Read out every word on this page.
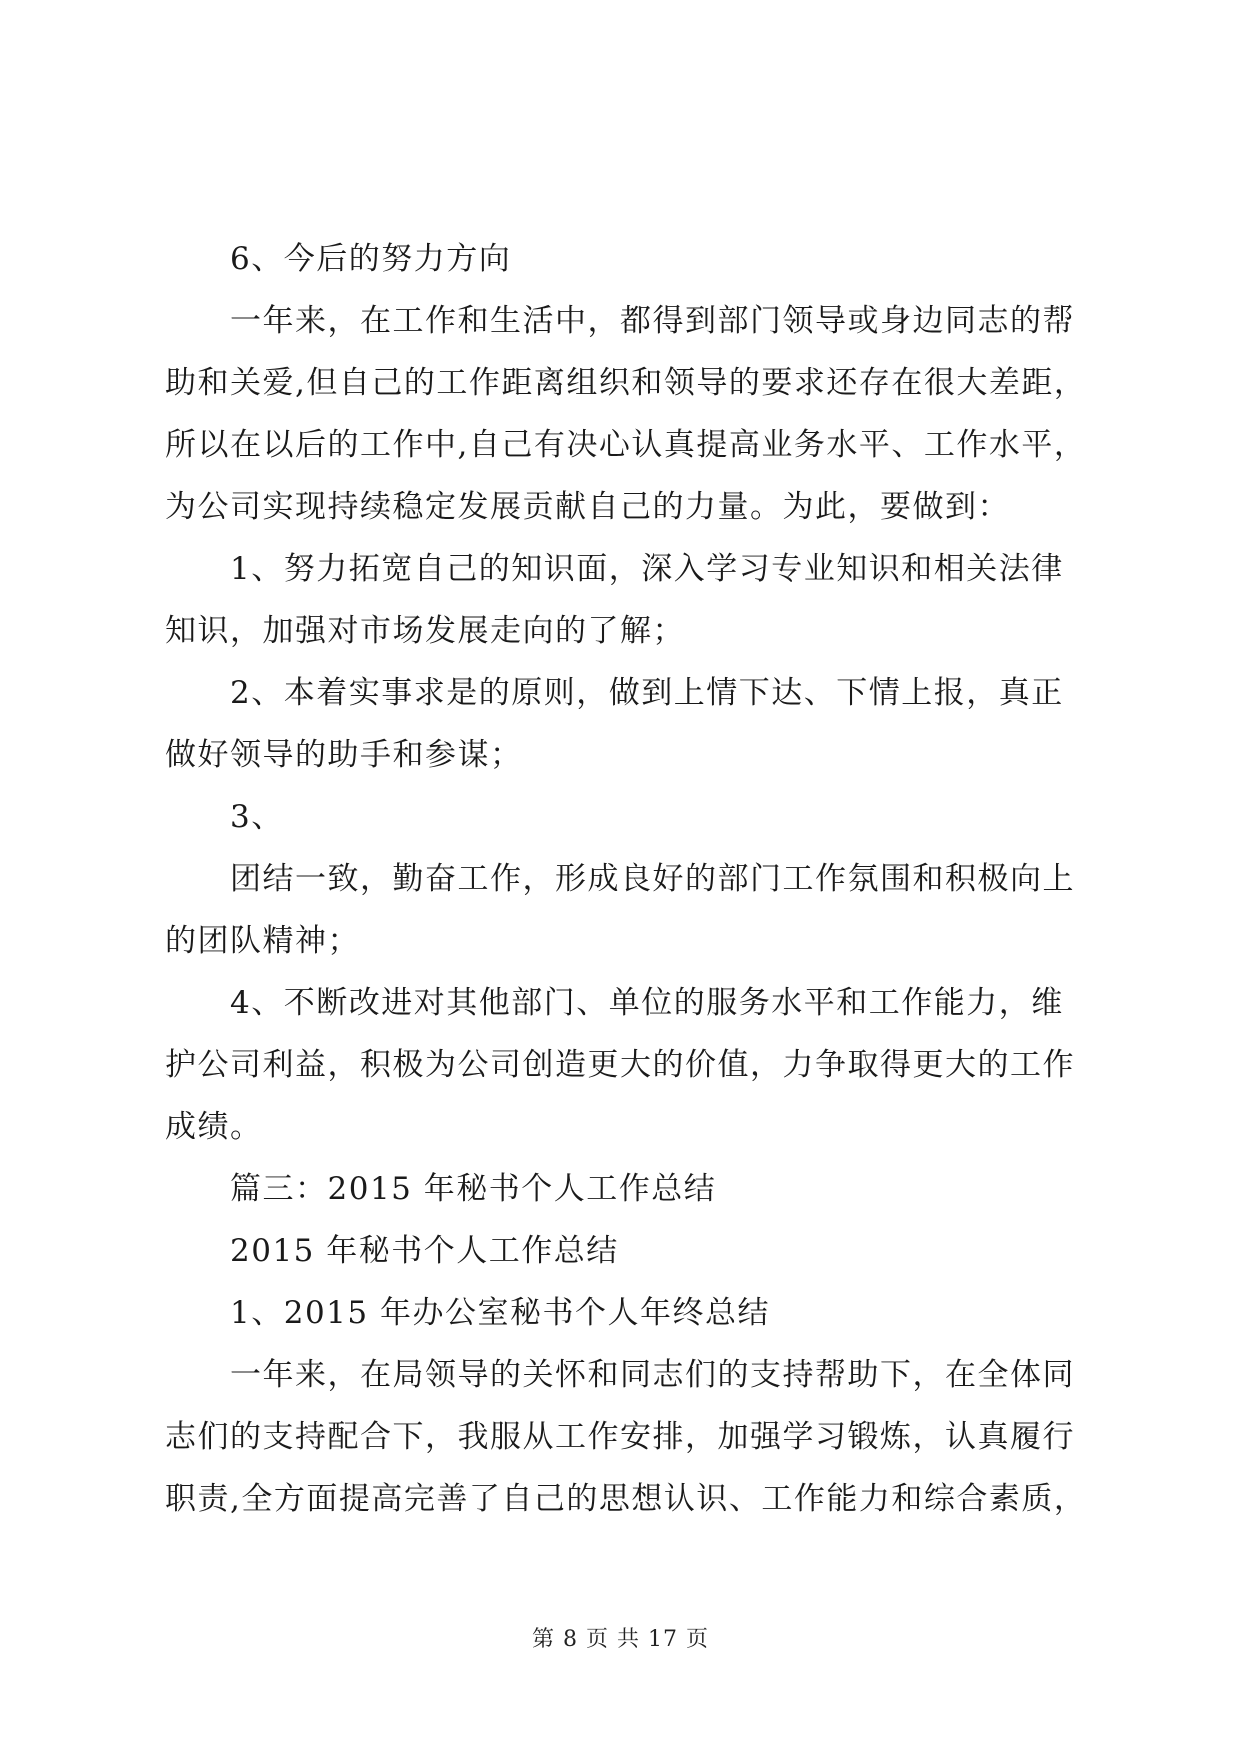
6、今后的努力方向
一年来，在工作和生活中，都得到部门领导或身边同志的帮
助和关爱,但自己的工作距离组织和领导的要求还存在很大差距，
所以在以后的工作中,自己有决心认真提高业务水平、工作水平，
为公司实现持续稳定发展贡献自己的力量。为此，要做到：
1、努力拓宽自己的知识面，深入学习专业知识和相关法律
知识，加强对市场发展走向的了解；
2、本着实事求是的原则，做到上情下达、下情上报，真正
做好领导的助手和参谋；
3、
团结一致，勤奋工作，形成良好的部门工作氛围和积极向上
的团队精神；
4、不断改进对其他部门、单位的服务水平和工作能力，维
护公司利益，积极为公司创造更大的价值，力争取得更大的工作
成绩。
篇三：2015 年秘书个人工作总结
2015 年秘书个人工作总结
1、2015 年办公室秘书个人年终总结
一年来，在局领导的关怀和同志们的支持帮助下，在全体同
志们的支持配合下，我服从工作安排，加强学习锻炼，认真履行
职责,全方面提高完善了自己的思想认识、工作能力和综合素质，
第 8 页 共 17 页
